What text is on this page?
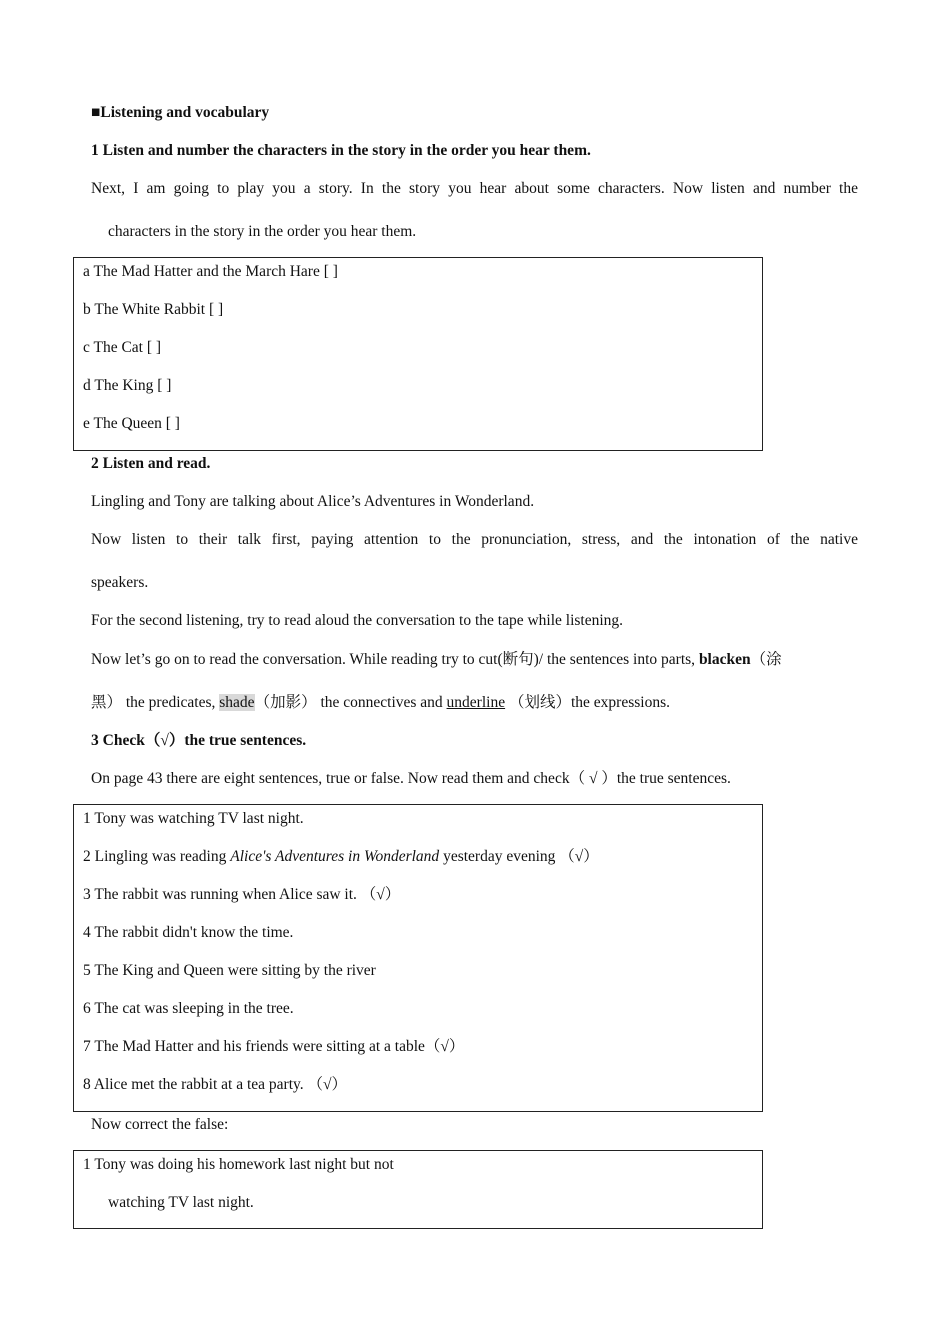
■Listening and vocabulary
1 Listen and number the characters in the story in the order you hear them.
Next, I am going to play you a story. In the story you hear about some characters. Now listen and number the
characters in the story in the order you hear them.
a The Mad Hatter and the March Hare [ ]
b The White Rabbit [ ]
c The Cat [ ]
d The King [ ]
e The Queen [ ]
2 Listen and read.
Lingling and Tony are talking about Alice’s Adventures in Wonderland.
Now listen to their talk first, paying attention to the pronunciation, stress, and the intonation of the native
speakers.
For the second listening, try to read aloud the conversation to the tape while listening.
Now let’s go on to read the conversation. While reading try to cut(断句)/ the sentences into parts, blacken（涂
黑） the predicates, shade（加影） the connectives and underline （划线）the expressions.
3 Check（√）the true sentences.
On page 43 there are eight sentences, true or false. Now read them and check（ √ ）the true sentences.
1 Tony was watching TV last night.
2 Lingling was reading Alice's Adventures in Wonderland yesterday evening （√）
3 The rabbit was running when Alice saw it. （√）
4 The rabbit didn't know the time.
5 The King and Queen were sitting by the river
6 The cat was sleeping in the tree.
7 The Mad Hatter and his friends were sitting at a table（√）
8 Alice met the rabbit at a tea party. （√）
Now correct the false:
1 Tony was doing his homework last night but not
watching TV last night.
